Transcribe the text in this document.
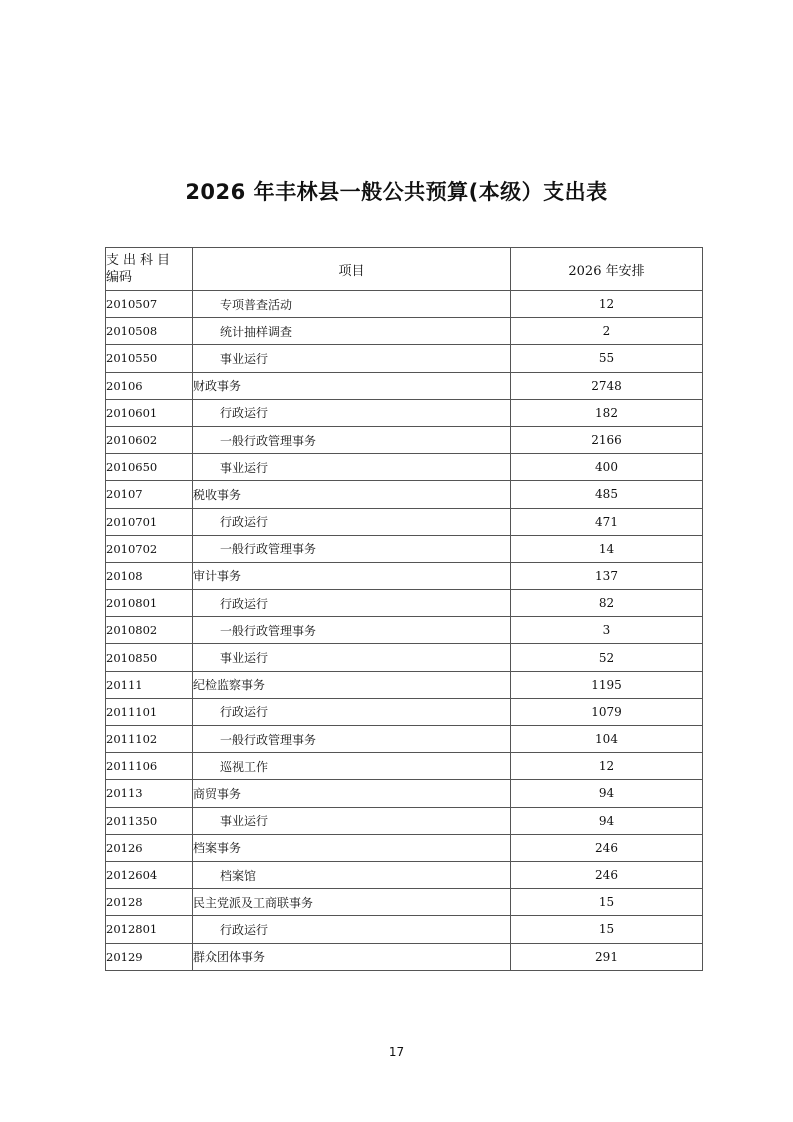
2026 年丰林县一般公共预算(本级）支出表
支出科目
编码	项目	2026 年安排
2010507	专项普查活动	12
2010508	统计抽样调查	2
2010550	事业运行	55
20106	财政事务	2748
2010601	行政运行	182
2010602	一般行政管理事务	2166
2010650	事业运行	400
20107	税收事务	485
2010701	行政运行	471
2010702	一般行政管理事务	14
20108	审计事务	137
2010801	行政运行	82
2010802	一般行政管理事务	3
2010850	事业运行	52
20111	纪检监察事务	1195
2011101	行政运行	1079
2011102	一般行政管理事务	104
2011106	巡视工作	12
20113	商贸事务	94
2011350	事业运行	94
20126	档案事务	246
2012604	档案馆	246
20128	民主党派及工商联事务	15
2012801	行政运行	15
20129	群众团体事务	291
17
